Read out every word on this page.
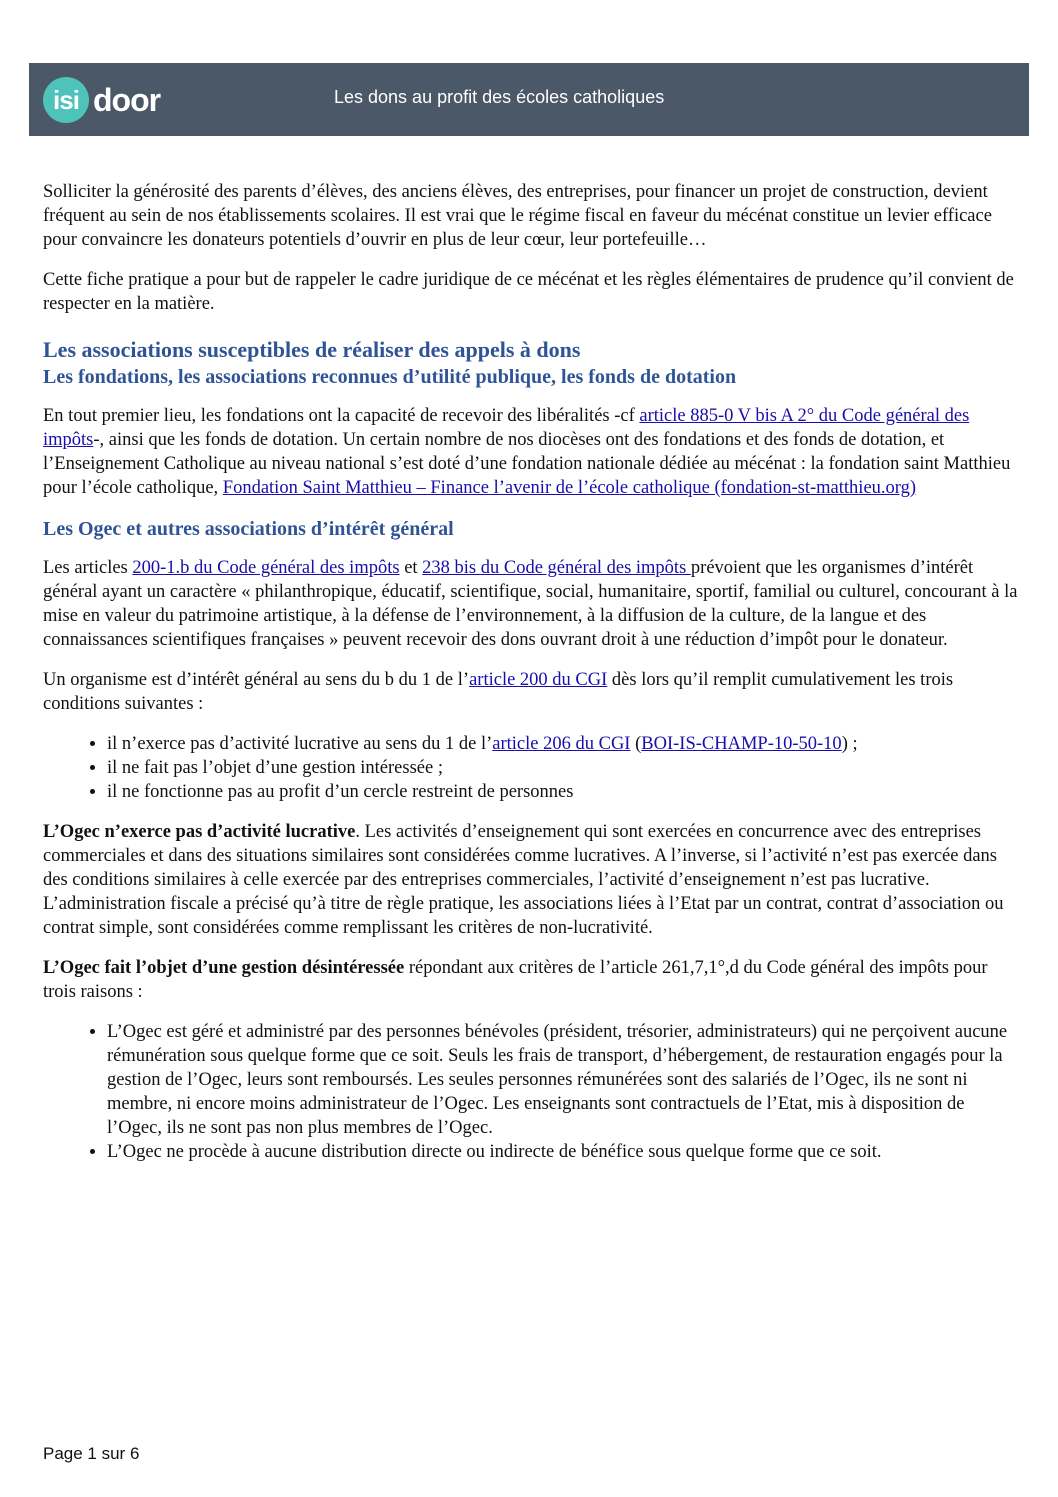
isi door	Les dons au profit des écoles catholiques

Solliciter la générosité des parents d’élèves, des anciens élèves, des entreprises, pour financer un projet de construction, devient fréquent au sein de nos établissements scolaires. Il est vrai que le régime fiscal en faveur du mécénat constitue un levier efficace pour convaincre les donateurs potentiels d’ouvrir en plus de leur cœur, leur portefeuille…

Cette fiche pratique a pour but de rappeler le cadre juridique de ce mécénat et les règles élémentaires de prudence qu’il convient de respecter en la matière.

Les associations susceptibles de réaliser des appels à dons
Les fondations, les associations reconnues d’utilité publique, les fonds de dotation

En tout premier lieu, les fondations ont la capacité de recevoir des libéralités -cf article 885-0 V bis A 2° du Code général des impôts-, ainsi que les fonds de dotation. Un certain nombre de nos diocèses ont des fondations et des fonds de dotation, et l’Enseignement Catholique au niveau national s’est doté d’une fondation nationale dédiée au mécénat : la fondation saint Matthieu pour l’école catholique, Fondation Saint Matthieu – Finance l’avenir de l’école catholique (fondation-st-matthieu.org)

Les Ogec et autres associations d’intérêt général

Les articles 200-1.b du Code général des impôts et 238 bis du Code général des impôts prévoient que les organismes d’intérêt général ayant un caractère « philanthropique, éducatif, scientifique, social, humanitaire, sportif, familial ou culturel, concourant à la mise en valeur du patrimoine artistique, à la défense de l’environnement, à la diffusion de la culture, de la langue et des connaissances scientifiques françaises » peuvent recevoir des dons ouvrant droit à une réduction d’impôt pour le donateur.

Un organisme est d’intérêt général au sens du b du 1 de l’article 200 du CGI dès lors qu’il remplit cumulativement les trois conditions suivantes :

• il n’exerce pas d’activité lucrative au sens du 1 de l’article 206 du CGI (BOI-IS-CHAMP-10-50-10) ;
• il ne fait pas l’objet d’une gestion intéressée ;
• il ne fonctionne pas au profit d’un cercle restreint de personnes

L’Ogec n’exerce pas d’activité lucrative. Les activités d’enseignement qui sont exercées en concurrence avec des entreprises commerciales et dans des situations similaires sont considérées comme lucratives. A l’inverse, si l’activité n’est pas exercée dans des conditions similaires à celle exercée par des entreprises commerciales, l’activité d’enseignement n’est pas lucrative. L’administration fiscale a précisé qu’à titre de règle pratique, les associations liées à l’Etat par un contrat, contrat d’association ou contrat simple, sont considérées comme remplissant les critères de non-lucrativité.

L’Ogec fait l’objet d’une gestion désintéressée répondant aux critères de l’article 261,7,1°,d du Code général des impôts pour trois raisons :

• L’Ogec est géré et administré par des personnes bénévoles (président, trésorier, administrateurs) qui ne perçoivent aucune rémunération sous quelque forme que ce soit. Seuls les frais de transport, d’hébergement, de restauration engagés pour la gestion de l’Ogec, leurs sont remboursés. Les seules personnes rémunérées sont des salariés de l’Ogec, ils ne sont ni membre, ni encore moins administrateur de l’Ogec. Les enseignants sont contractuels de l’Etat, mis à disposition de l’Ogec, ils ne sont pas non plus membres de l’Ogec.
• L’Ogec ne procède à aucune distribution directe ou indirecte de bénéfice sous quelque forme que ce soit.
Page 1 sur 6
